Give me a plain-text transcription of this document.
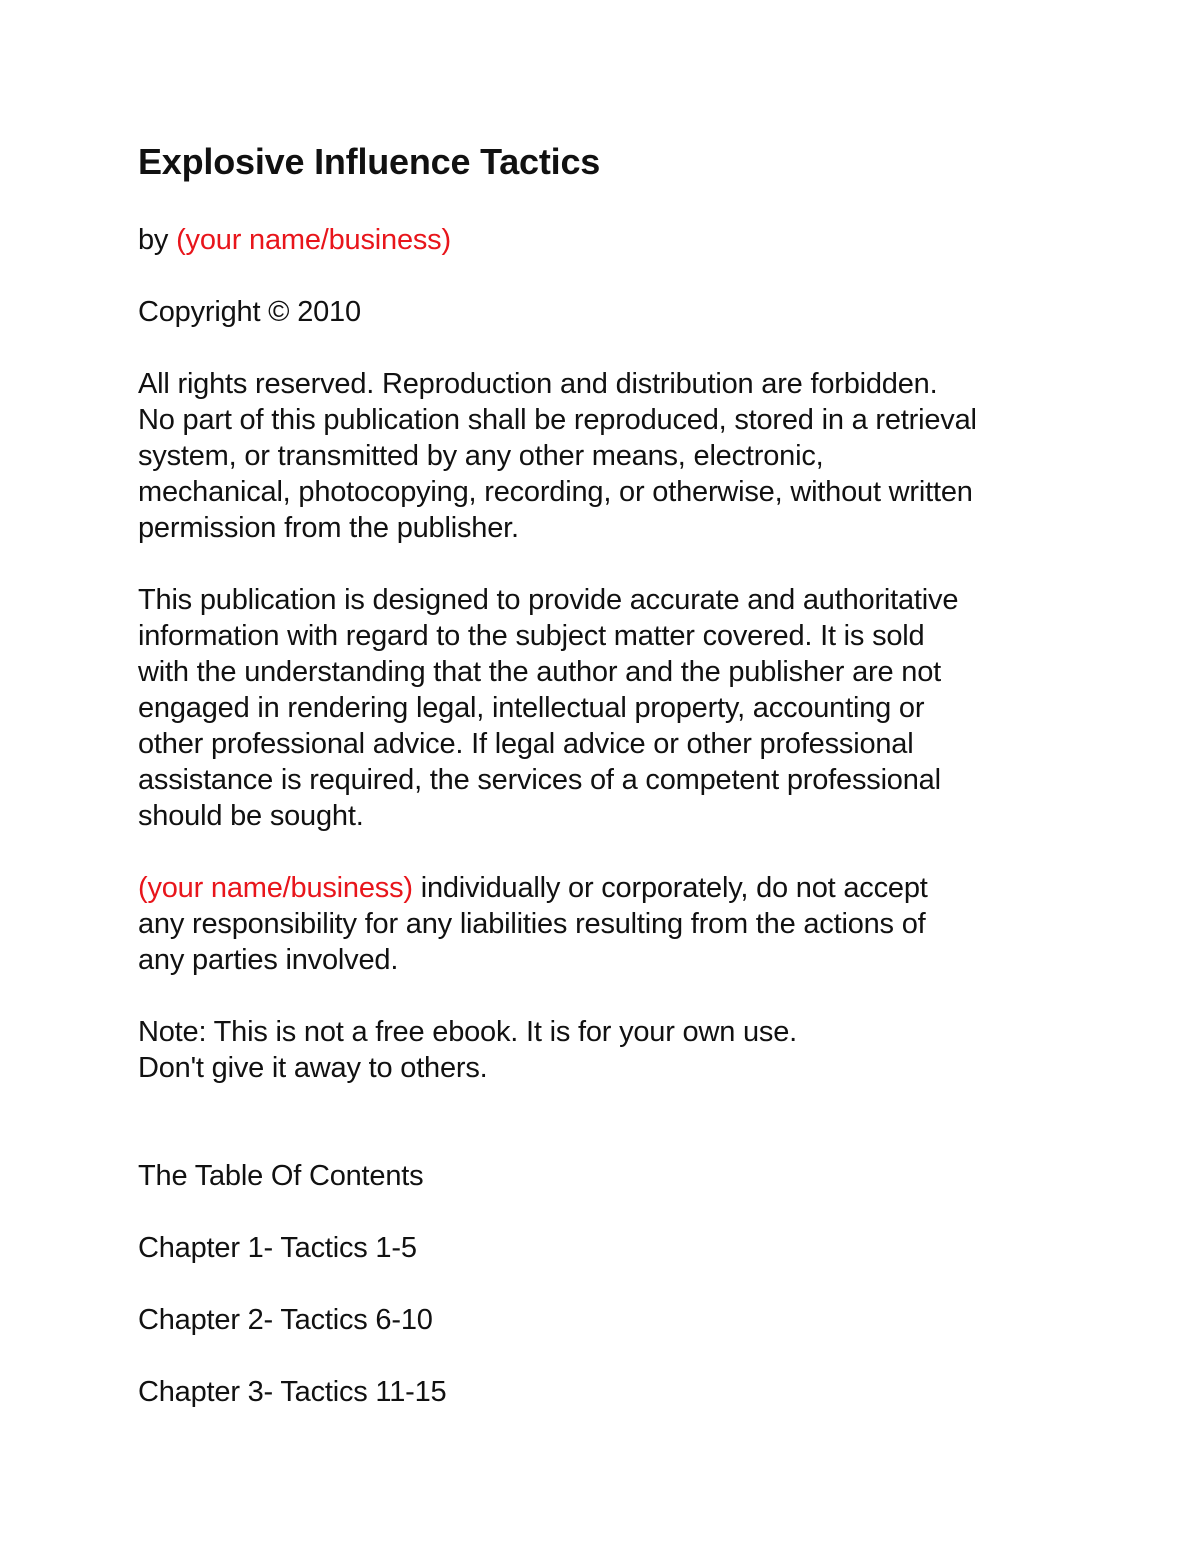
Explosive Influence Tactics
by (your name/business)
Copyright © 2010
All rights reserved. Reproduction and distribution are forbidden.
No part of this publication shall be reproduced, stored in a retrieval
system, or transmitted by any other means, electronic,
mechanical, photocopying, recording, or otherwise, without written
permission from the publisher.
This publication is designed to provide accurate and authoritative
information with regard to the subject matter covered. It is sold
with the understanding that the author and the publisher are not
engaged in rendering legal, intellectual property, accounting or
other professional advice. If legal advice or other professional
assistance is required, the services of a competent professional
should be sought.
(your name/business) individually or corporately, do not accept
any responsibility for any liabilities resulting from the actions of
any parties involved.
Note: This is not a free ebook. It is for your own use.
Don't give it away to others.
The Table Of Contents
Chapter 1- Tactics 1-5
Chapter 2- Tactics 6-10
Chapter 3- Tactics 11-15
